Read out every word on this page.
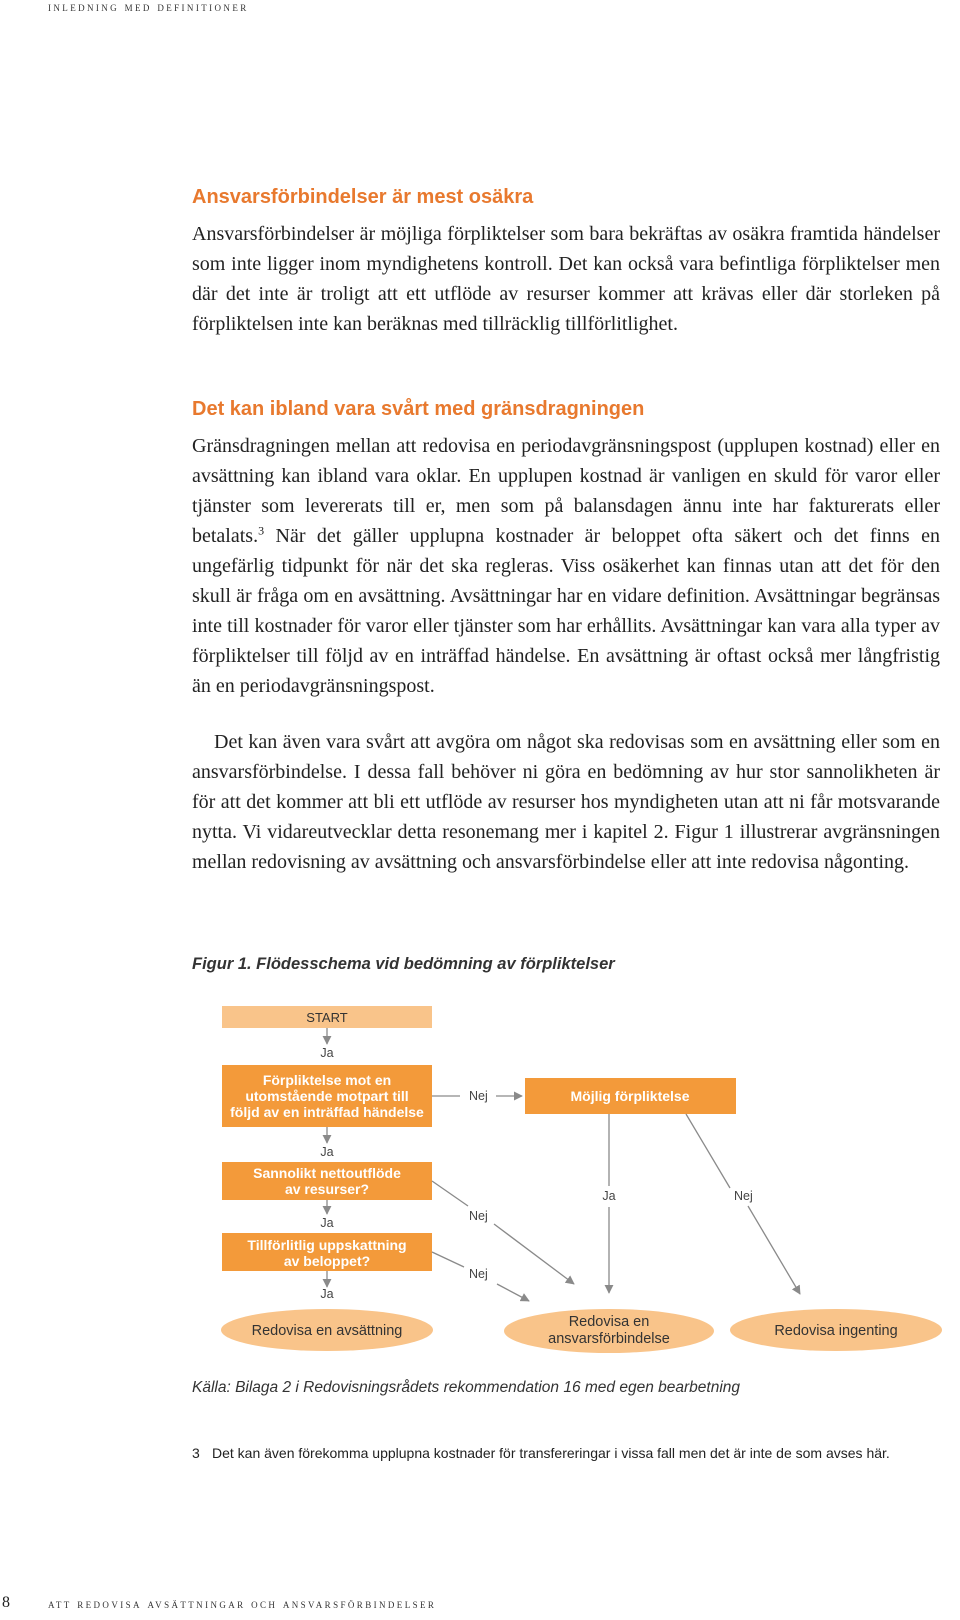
inledning med definitioner
Ansvarsförbindelser är mest osäkra

Ansvarsförbindelser är möjliga förpliktelser som bara bekräftas av osäkra framtida händelser som inte ligger inom myndighetens kontroll. Det kan också vara befintliga förpliktelser men där det inte är troligt att ett utflöde av resurser kommer att krävas eller där storleken på förpliktelsen inte kan beräknas med tillräcklig tillförlitlighet.

Det kan ibland vara svårt med gränsdragningen

Gränsdragningen mellan att redovisa en periodavgränsningspost (upplupen kostnad) eller en avsättning kan ibland vara oklar. En upplupen kostnad är vanligen en skuld för varor eller tjänster som levererats till er, men som på balansdagen ännu inte har fakturerats eller betalats.$^3$ När det gäller upplupna kostnader är beloppet ofta säkert och det finns en ungefärlig tidpunkt för när det ska regleras. Viss osäkerhet kan finnas utan att det för den skull är fråga om en avsättning. Avsättningar har en vidare definition. Avsättningar begränsas inte till kostnader för varor eller tjänster som har erhållits. Avsättningar kan vara alla typer av förpliktelser till följd av en inträffad händelse. En avsättning är oftast också mer långfristig än en periodavgränsningspost.

Det kan även vara svårt att avgöra om något ska redovisas som en avsättning eller som en ansvarsförbindelse. I dessa fall behöver ni göra en bedömning av hur stor sannolikheten är för att det kommer att bli ett utflöde av resurser hos myndigheten utan att ni får motsvarande nytta. Vi vidareutvecklar detta resonemang mer i kapitel 2. Figur 1 illustrerar avgränsningen mellan redovisning av avsättning och ansvarsförbindelse eller att inte redovisa någonting.

Figur 1. Flödesschema vid bedömning av förpliktelser

START
Ja
Förpliktelse mot en
utomstående motpart till
följd av en inträffad händelse
Nej	Möjlig förpliktelse
Ja
Sannolikt nettoutflöde
av resurser?
Ja
Tillförlitlig uppskattning
av beloppet?
Ja
Nej
Nej
Ja	Nej
Redovisa en avsättning
Redovisa en
ansvarsförbindelse	Redovisa ingenting

Källa: Bilaga 2 i Redovisningsrådets rekommendation 16 med egen bearbetning

3 Det kan även förekomma upplupna kostnader för transfereringar i vissa fall men det är inte de som avses här.

8	att redovisa avsättningar och ansvarsförbindelser
